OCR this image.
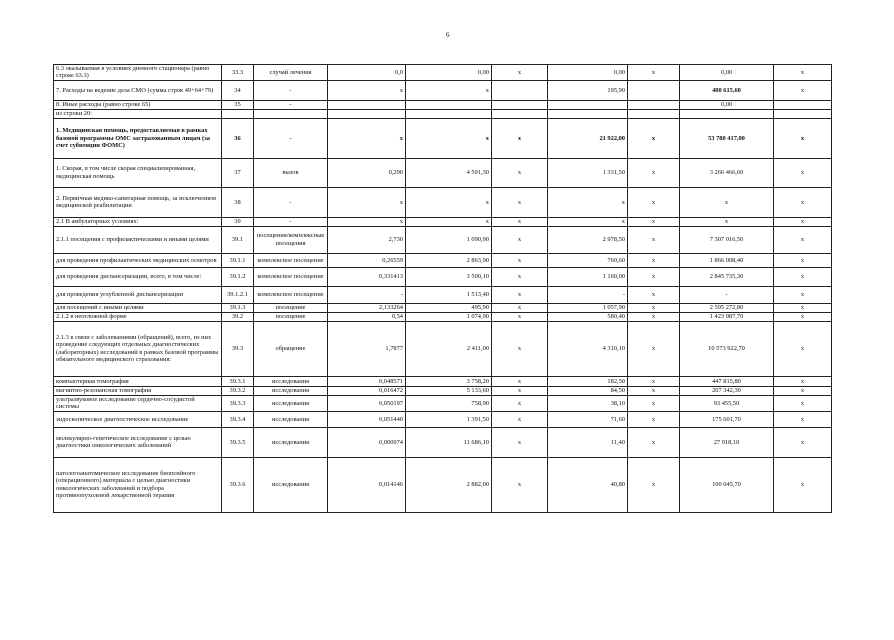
6
6.3 оказываемая в условиях дневного стационара (равно строке 63.3)	33.3	случай лечения	0,0	0,00	x	0,00	x	0,00	x
7. Расходы на ведение дела СМО (сумма строк 49+64+79)	34	-	x	x		195,90		480 615,60	x
8. Иные расходы (равно строке 65)	35	-						0,00	
из строки 20:									
1. Медицинская помощь, предоставляемая в рамках базовой программы ОМС застрахованным лицам (за счет субвенции ФОМС)	36	-	x	x	x	21 922,00	x	53 780 417,00	x
1. Скорая, в том числе скорая специализированная, медицинская помощь	37	вызов	0,290	4 591,30	x	1 331,50	x	3 266 466,60	x
2. Первичная медико-санитарная помощь, за исключением медицинской реабилитации	38	-	x	x	x	x	x	x	x
2.1 В амбулаторных условиях:	39	-	x	x	x	x	x	x	x
2.1.1 посещения с профилактическими и иными целями	39.1	посещения/комплексные посещения	2,730	1 090,90	x	2 978,50	x	7 307 016,50	x
для проведения профилактических медицинских осмотров	39.1.1	комплексное посещение	0,26559	2 863,90	x	760,60	x	1 866 008,40	x
для проведения диспансеризации, всего, в том числе:	39.1.2	комплексное посещение	0,331413	3 500,10	x	1 160,00	x	2 845 735,30	x
для проведения углубленной диспансеризации	39.1.2.1	комплексное посещение	-	1 513,40	x	-	x	-	x
для посещений с иными целями	39.1.3	посещение	2,133264	495,90	x	1 057,90	x	2 595 272,80	x
2.1.2 в неотложной форме	39.2	посещение	0,54	1 074,90	x	580,40	x	1 423 987,70	x
2.1.3 в связи с заболеваниями (обращений), всего, из них проведение следующих отдельных диагностических (лабораторных) исследований в рамках базовой программы обязательного медицинского страхования:	39.3	обращение	1,7877	2 411,00	x	4 310,10	x	10 573 922,70	x
компьютерная томография	39.3.1	исследования	0,048571	3 758,20	x	182,50	x	447 815,80	x
магнитно-резонансная томография	39.3.2	исследования	0,016472	5 133,60	x	84,50	x	207 342,30	x
ультразвуковое исследование сердечно-сосудистой системы	39.3.3	исследования	0,050197	758,90	x	38,10	x	93 455,50	x
эндоскопическое диагностическое исследование	39.3.4	исследования	0,051440	1 391,50	x	71,60	x	175 601,70	x
молекулярно-генетическое исследование с целью диагностики онкологических заболеваний	39.3.5	исследования	0,000974	11 686,10	x	11,40	x	27 918,10	x
патологоанатомическое исследование биопсийного (операционного) материала с целью диагностики онкологических заболеваний и подбора противоопухолевой лекарственной терапии	39.3.6	исследования	0,014146	2 882,00	x	40,80	x	100 045,70	x
